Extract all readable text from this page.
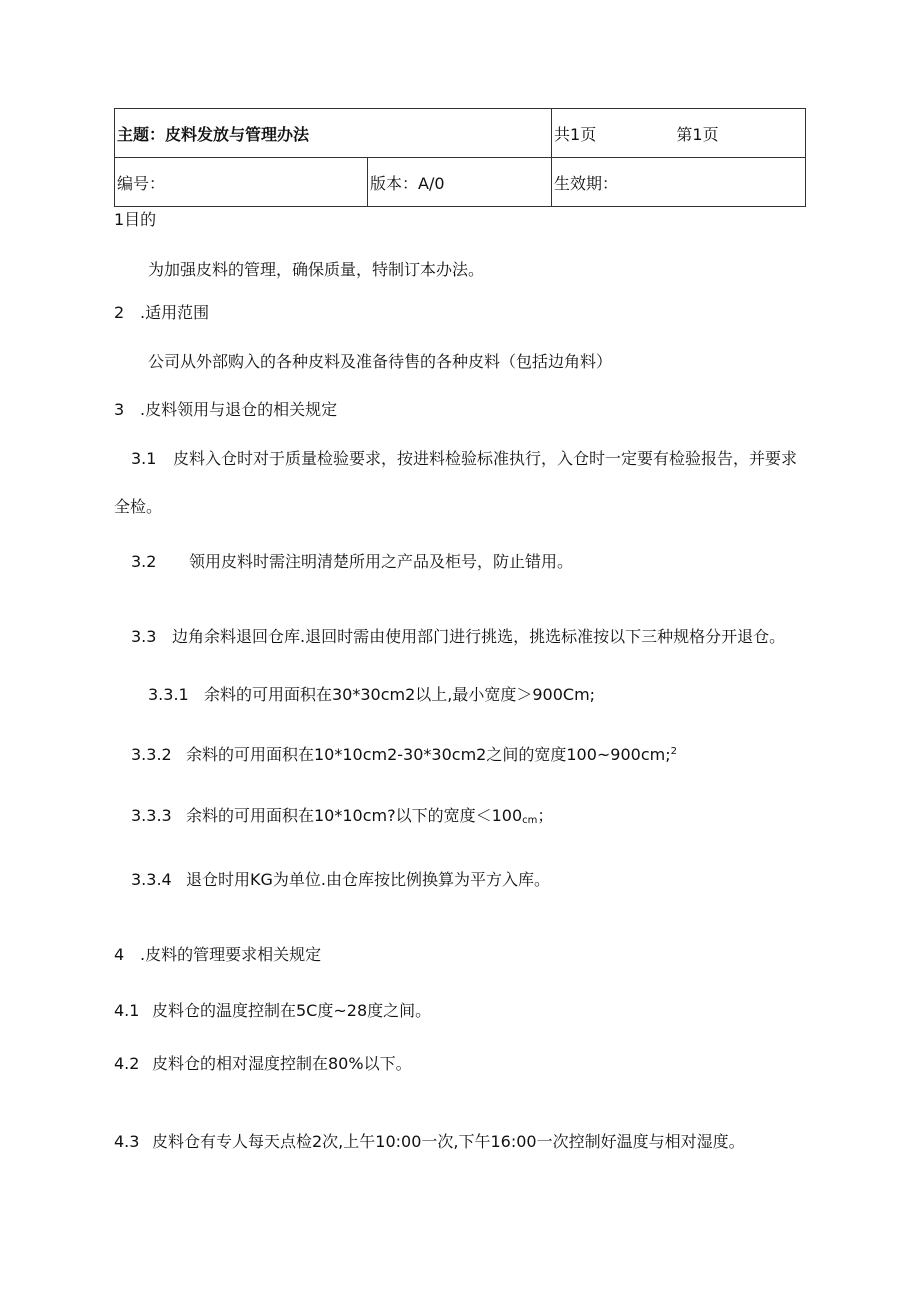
主题：皮料发放与管理办法		共1页 第1页
编号：	版本：A/0	生效期：
1目的
为加强皮料的管理，确保质量，特制订本办法。
2 .适用范围
公司从外部购入的各种皮料及准备待售的各种皮料（包括边角料）
3 .皮料领用与退仓的相关规定
3.1 皮料入仓时对于质量检验要求，按进料检验标准执行，入仓时一定要有检验报告，并要求
全检。
3.2 领用皮料时需注明清楚所用之产品及柜号，防止错用。
3.3 边角余料退回仓库.退回时需由使用部门进行挑选，挑选标准按以下三种规格分开退仓。
3.3.1 余料的可用面积在30*30cm2以上,最小宽度＞900Cm;
3.3.2 余料的可用面积在10*10cm2-30*30cm2之间的宽度100~900cm;$^2$
3.3.3 余料的可用面积在10*10cm?以下的宽度$<100_{cm}$；
3.3.4 退仓时用KG为单位.由仓库按比例换算为平方入库。
4 .皮料的管理要求相关规定
4.1 皮料仓的温度控制在5C度~28度之间。
4.2 皮料仓的相对湿度控制在80%以下。
4.3 皮料仓有专人每天点检2次,上午10:00一次,下午16:00一次控制好温度与相对湿度。
